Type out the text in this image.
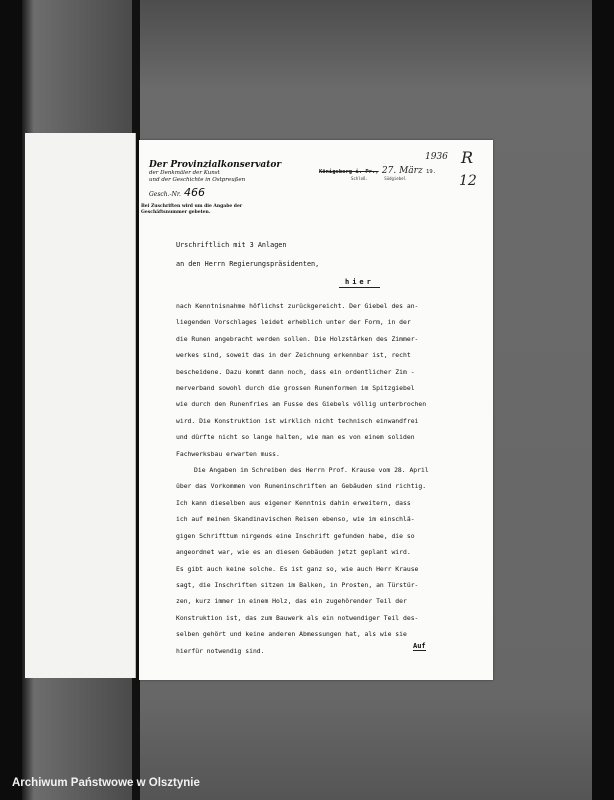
Der Provinzialkonservator
der Denkmäler der Kunst
und der Geschichte in Ostpreußen
Gesch.-Nr. 466
Bei Zuschriften wird um die Angabe der Geschäftsnummer gebeten.
1936
Königsberg i. Pr., 27. März 19.
Schloß. Südgiebel
R
12
Urschriftlich mit 3 Anlagen
an den Herrn Regierungspräsidenten,
hier

nach Kenntnisnahme höflichst zurückgereicht. Der Giebel des an-

liegenden Vorschlages leidet erheblich unter der Form, in der

die Runen angebracht werden sollen. Die Holzstärken des Zimmer-

werkes sind, soweit das in der Zeichnung erkennbar ist, recht

bescheidene. Dazu kommt dann noch, dass ein ordentlicher Zim -

merverband sowohl durch die grossen Runenformen im Spitzgiebel

wie durch den Runenfries am Fusse des Giebels völlig unterbrochen

wird. Die Konstruktion ist wirklich nicht technisch einwandfrei

und dürfte nicht so lange halten, wie man es von einem soliden

Fachwerksbau erwarten muss.

Die Angaben im Schreiben des Herrn Prof. Krause vom 28. April

über das Vorkommen von Runeninschriften an Gebäuden sind richtig.

Ich kann dieselben aus eigener Kenntnis dahin erweitern, dass

ich auf meinen Skandinavischen Reisen ebenso, wie im einschlä-

gigen Schrifttum nirgends eine Inschrift gefunden habe, die so

angeordnet war, wie es an diesen Gebäuden jetzt geplant wird.

Es gibt auch keine solche. Es ist ganz so, wie auch Herr Krause

sagt, die Inschriften sitzen im Balken, in Prosten, an Türstür-

zen, kurz immer in einem Holz, das ein zugehörender Teil der

Konstruktion ist, das zum Bauwerk als ein notwendiger Teil des-

selben gehört und keine anderen Abmessungen hat, als wie sie

hierfür notwendig sind.

Auf
Archiwum Państwowe w Olsztynie
